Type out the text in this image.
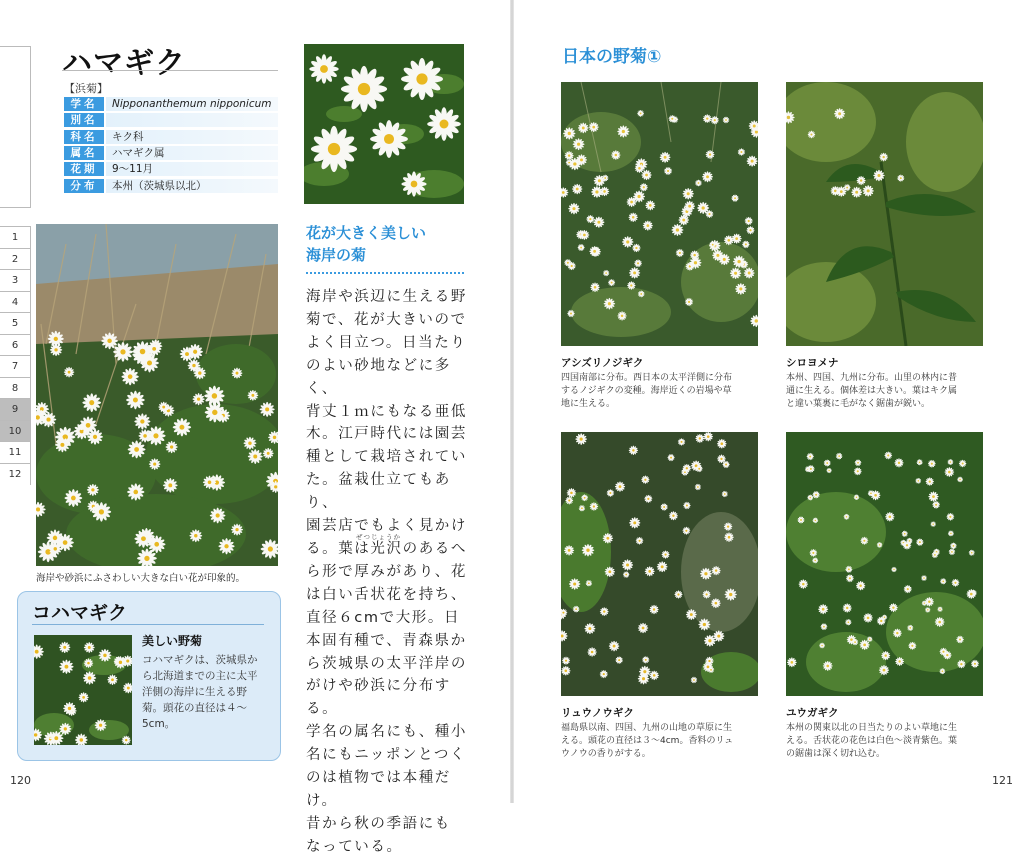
1
2
3
4
5
6
7
8
9
10
11
12
ハマギク
【浜菊】
学名	Nipponanthemum nipponicum
別名
科名	キク科
属名	ハマギク属
花期	9～11月
分布	本州（茨城県以北）
海岸や砂浜にふさわしい大きな白い花が印象的。
コハマギク
美しい野菊
コハマギクは、茨城県か
ら北海道までの主に太平
洋側の海岸に生える野
菊。頭花の直径は４～
5cm。
花が大きく美しい
海岸の菊
海岸や浜辺に生える野
菊で、花が大きいので
よく目立つ。日当たり
のよい砂地などに多く、
背丈１ｍにもなる亜低
木。江戸時代には園芸
種として栽培されてい
た。盆栽仕立てもあり、
園芸店でもよく見かけ
る。葉は光沢のあるへ
ら形で厚みがあり、花
は白い舌状花を持ち、
直径６cmで大形。日
本固有種で、青森県か
ら茨城県の太平洋岸の
がけや砂浜に分布する。
学名の属名にも、種小
名にもニッポンとつく
のは植物では本種だけ。
昔から秋の季語にも
なっている。
ぜつじょうか
120
日本の野菊①
アシズリノジギク
四国南部に分布。西日本の太平洋側に分布
するノジギクの変種。海岸近くの岩場や草
地に生える。
シロヨメナ
本州、四国、九州に分布。山里の林内に普
通に生える。個体差は大きい。葉はキク属
と違い葉裏に毛がなく鋸歯が鋭い。
リュウノウギク
福島県以南、四国、九州の山地の草原に生
える。頭花の直径は３～4cm。香料のリュ
ウノウの香りがする。
ユウガギク
本州の関東以北の日当たりのよい草地に生
える。舌状花の花色は白色～淡青紫色。葉
の鋸歯は深く切れ込む。
121
